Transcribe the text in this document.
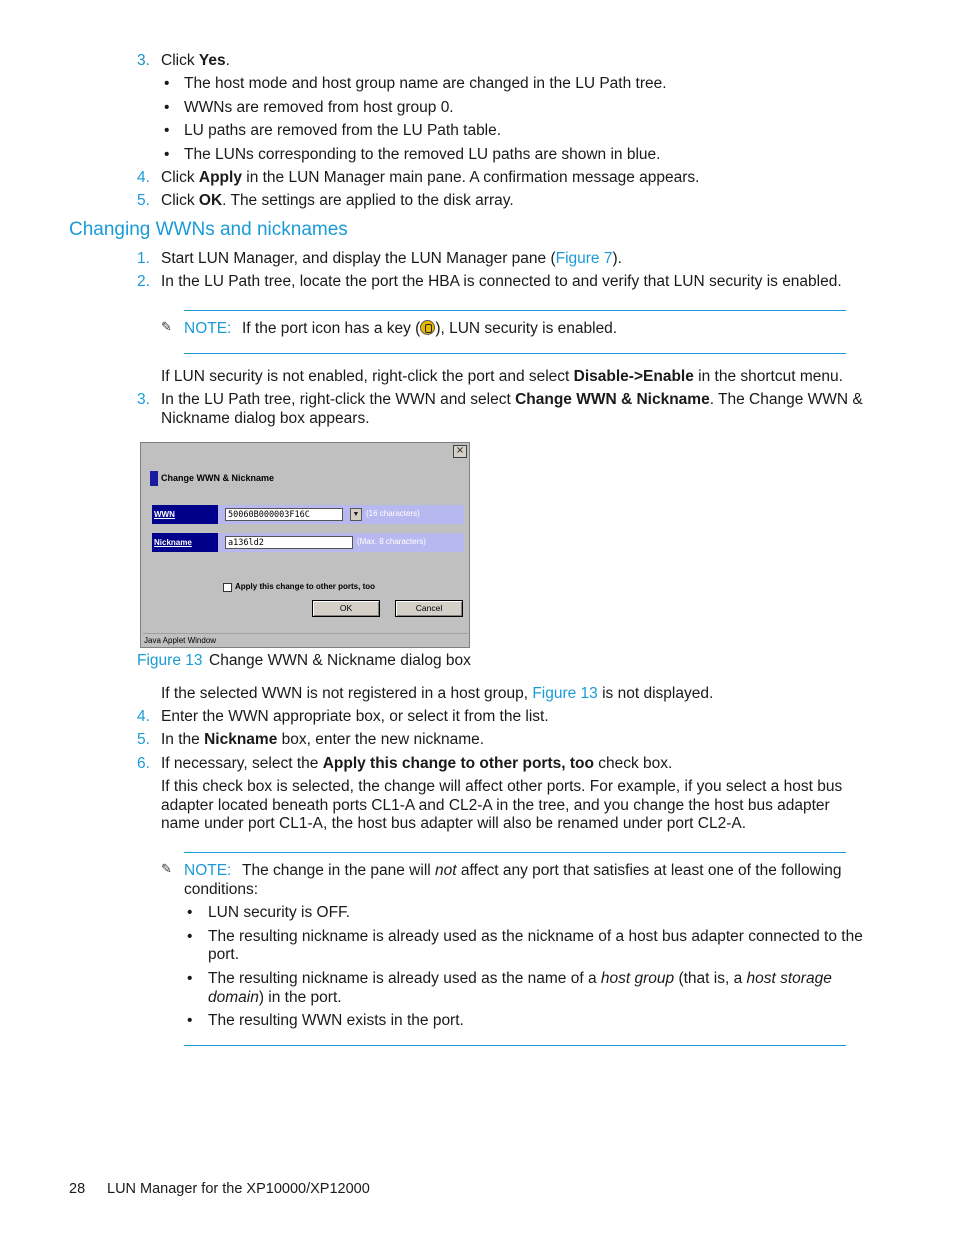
3. Click Yes.
• The host mode and host group name are changed in the LU Path tree.
• WWNs are removed from host group 0.
• LU paths are removed from the LU Path table.
• The LUNs corresponding to the removed LU paths are shown in blue.
4. Click Apply in the LUN Manager main pane. A confirmation message appears.
5. Click OK. The settings are applied to the disk array.
Changing WWNs and nicknames
1. Start LUN Manager, and display the LUN Manager pane (Figure 7).
2. In the LU Path tree, locate the port the HBA is connected to and verify that LUN security is enabled.
✎ NOTE: If the port icon has a key ( ), LUN security is enabled.
If LUN security is not enabled, right-click the port and select Disable->Enable in the shortcut menu.
3. In the LU Path tree, right-click the WWN and select Change WWN & Nickname. The Change WWN &
Nickname dialog box appears.
×
Change WWN & Nickname
WWN	50060B000003F16C	▼ (16 characters)
Nickname	a136ld2	(Max. 8 characters)
Apply this change to other ports, too
OK	Cancel
Java Applet Window
Figure 13 Change WWN & Nickname dialog box
If the selected WWN is not registered in a host group, Figure 13 is not displayed.
4. Enter the WWN appropriate box, or select it from the list.
5. In the Nickname box, enter the new nickname.
6. If necessary, select the Apply this change to other ports, too check box.
If this check box is selected, the change will affect other ports. For example, if you select a host bus
adapter located beneath ports CL1-A and CL2-A in the tree, and you change the host bus adapter
name under port CL1-A, the host bus adapter will also be renamed under port CL2-A.
✎ NOTE: The change in the pane will not affect any port that satisfies at least one of the following
conditions:
• LUN security is OFF.
• The resulting nickname is already used as the nickname of a host bus adapter connected to the
port.
• The resulting nickname is already used as the name of a host group (that is, a host storage
domain) in the port.
• The resulting WWN exists in the port.
28 LUN Manager for the XP10000/XP12000
